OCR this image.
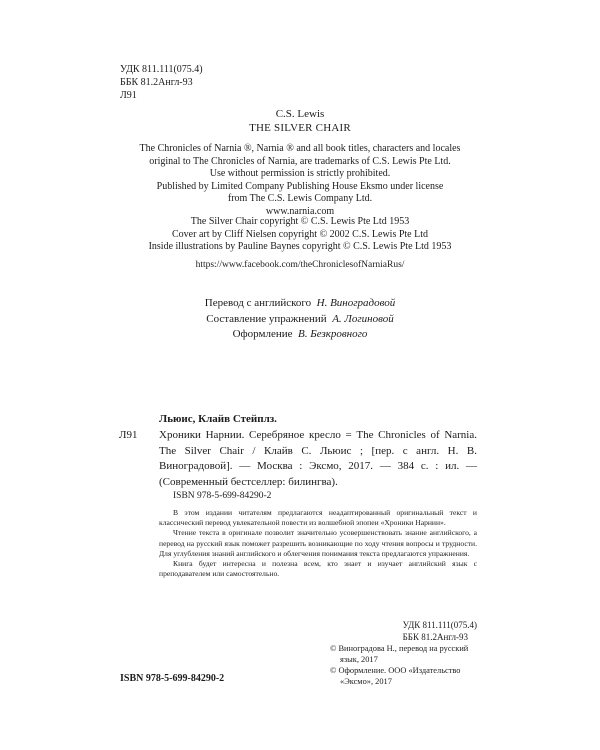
УДК 811.111(075.4)
ББК 81.2Англ-93
Л91
C.S. Lewis
THE SILVER CHAIR
The Chronicles of Narnia ®, Narnia ® and all book titles, characters and locales
original to The Chronicles of Narnia, are trademarks of C.S. Lewis Pte Ltd.
Use without permission is strictly prohibited.
Published by Limited Company Publishing House Eksmo under license
from The C.S. Lewis Company Ltd.
www.narnia.com
The Silver Chair copyright © C.S. Lewis Pte Ltd 1953
Cover art by Cliff Nielsen copyright © 2002 C.S. Lewis Pte Ltd
Inside illustrations by Pauline Baynes copyright © C.S. Lewis Pte Ltd 1953
https://www.facebook.com/theChroniclesofNarniaRus/
Перевод с английского Н. Виноградовой
Составление упражнений А. Логиновой
Оформление В. Безкровного
Льюис, Клайв Стейплз.
Л91 Хроники Нарнии. Серебряное кресло = The Chronicles of Narnia. The Silver Chair / Клайв С. Льюис ; [пер. с англ. Н. В. Виноградовой]. — Москва : Эксмо, 2017. — 384 с. : ил. — (Современный бестселлер: билингва).
ISBN 978-5-699-84290-2

В этом издании читателям предлагаются неадаптированный оригинальный текст и классический перевод увлекательной повести из волшебной эпопеи «Хроники Нарнии».

Чтение текста в оригинале позволит значительно усовершенствовать знание английского, а перевод на русский язык поможет разрешить возникающие по ходу чтения вопросы и трудности. Для углубления знаний английского и облегчения понимания текста предлагаются упражнения.

Книга будет интересна и полезна всем, кто знает и изучает английский язык с преподавателем или самостоятельно.

УДК 811.111(075.4)
ББК 81.2Англ-93

© Виноградова Н., перевод на русский язык, 2017

© Оформление. ООО «Издательство «Эксмо», 2017

ISBN 978-5-699-84290-2
